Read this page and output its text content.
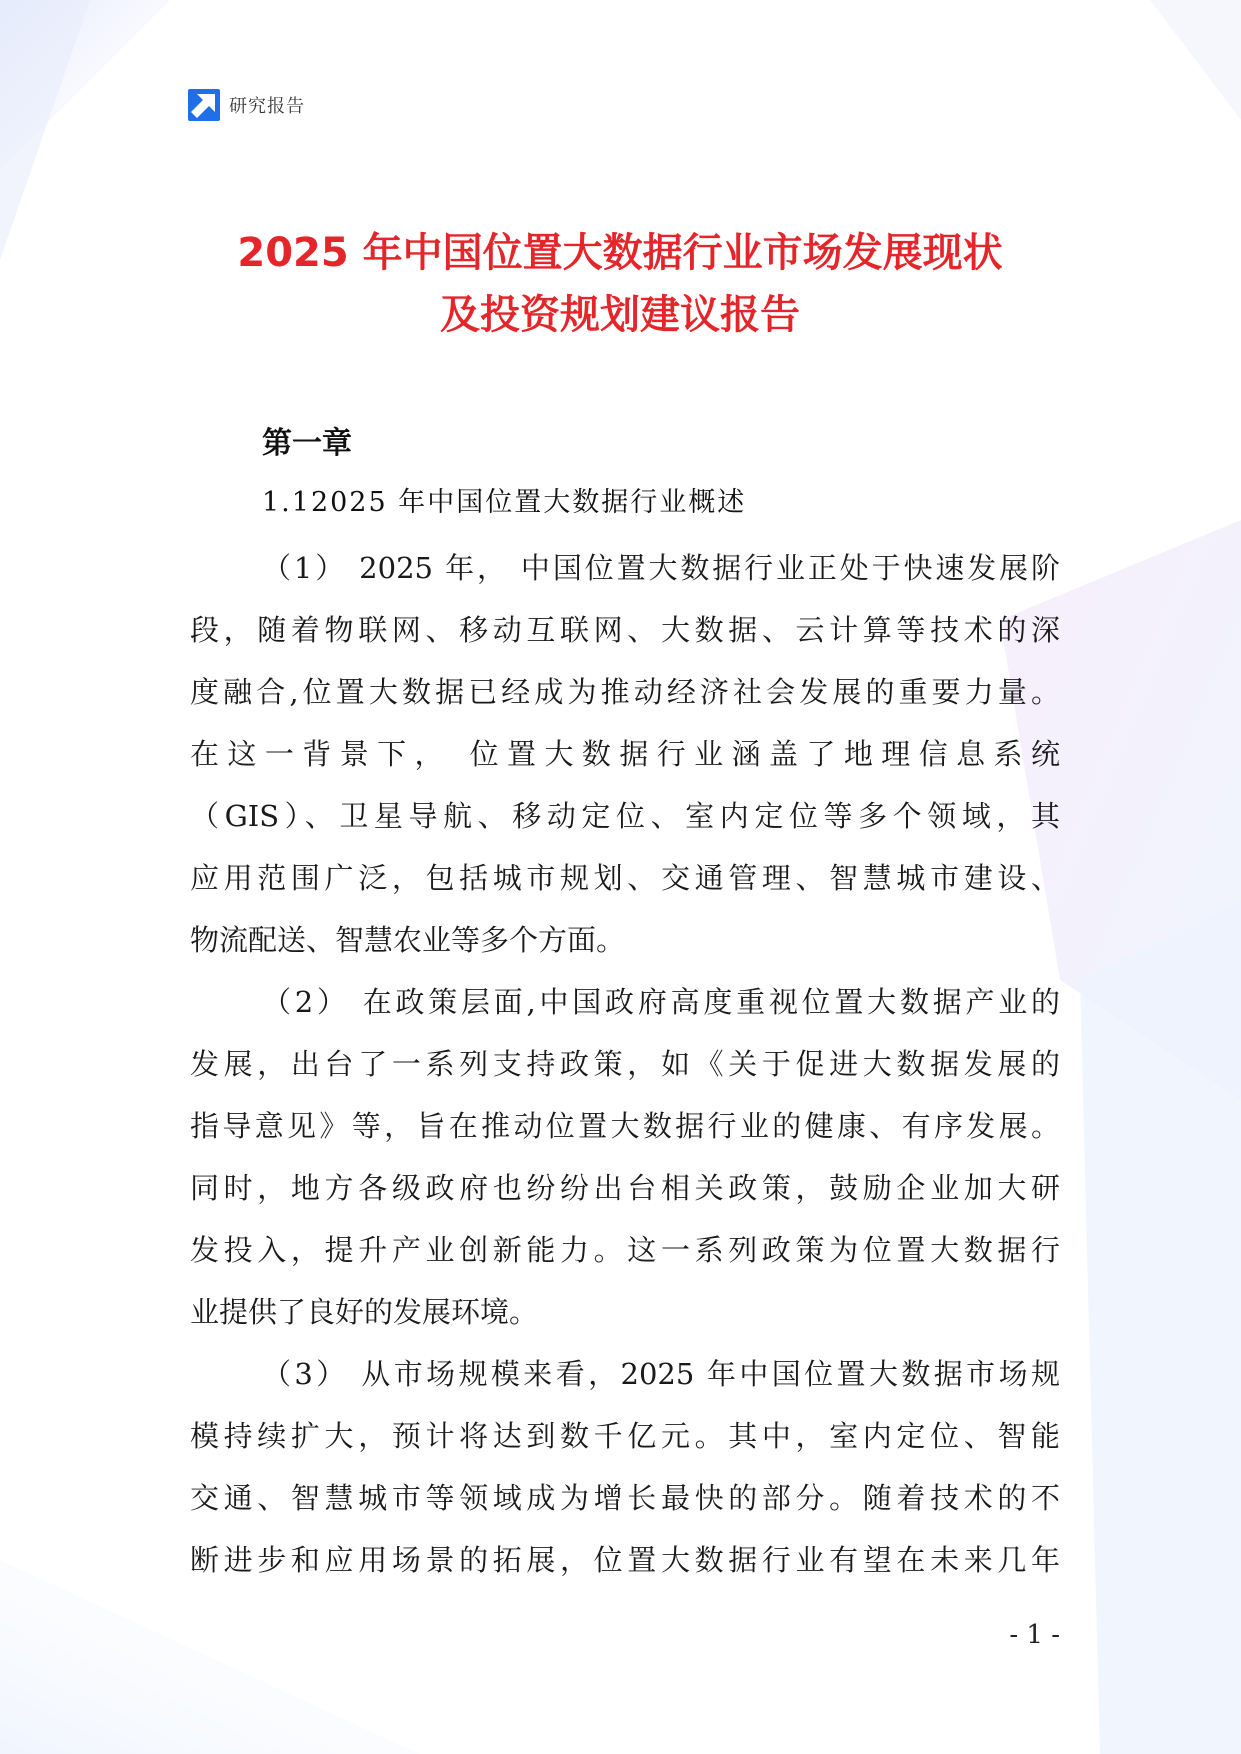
研究报告
2025 年中国位置大数据行业市场发展现状
及投资规划建议报告
第一章
1.12025 年中国位置大数据行业概述
（1） 2025 年， 中国位置大数据行业正处于快速发展阶
段，随着物联网、移动互联网、大数据、云计算等技术的深
度融合,位置大数据已经成为推动经济社会发展的重要力量。
在这一背景下， 位置大数据行业涵盖了地理信息系统
（GIS）、卫星导航、移动定位、室内定位等多个领域，其
应用范围广泛，包括城市规划、交通管理、智慧城市建设、
物流配送、智慧农业等多个方面。
（2） 在政策层面,中国政府高度重视位置大数据产业的
发展，出台了一系列支持政策，如《关于促进大数据发展的
指导意见》等，旨在推动位置大数据行业的健康、有序发展。
同时，地方各级政府也纷纷出台相关政策，鼓励企业加大研
发投入，提升产业创新能力。这一系列政策为位置大数据行
业提供了良好的发展环境。
（3） 从市场规模来看，2025 年中国位置大数据市场规
模持续扩大，预计将达到数千亿元。其中，室内定位、智能
交通、智慧城市等领域成为增长最快的部分。随着技术的不
断进步和应用场景的拓展，位置大数据行业有望在未来几年
- 1 -
